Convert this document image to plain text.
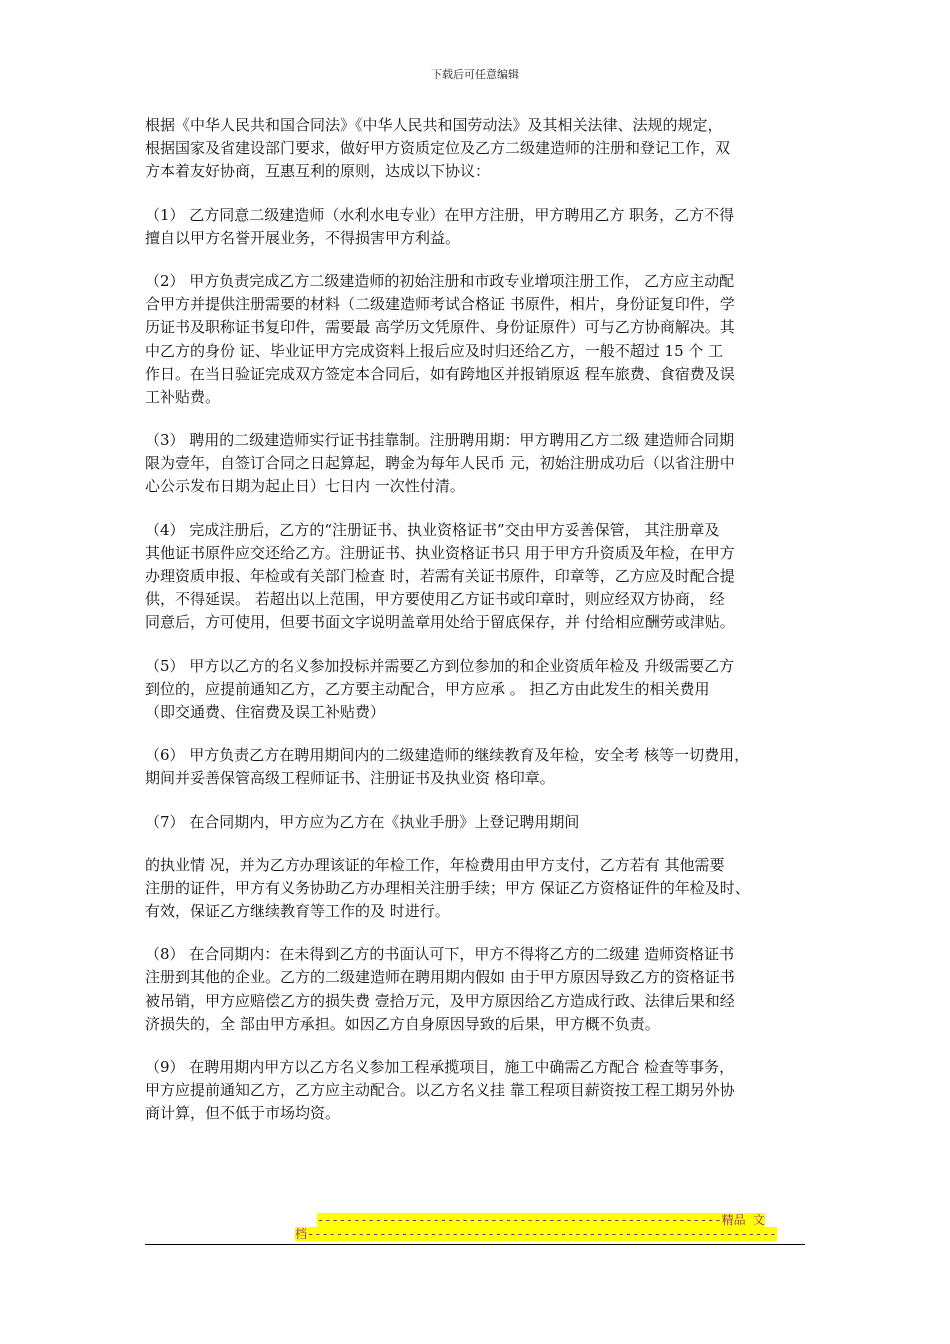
下载后可任意编辑
根据《中华人民共和国合同法》《中华人民共和国劳动法》及其相关法律、法规的规定，
根据国家及省建设部门要求，做好甲方资质定位及乙方二级建造师的注册和登记工作，双
方本着友好协商，互惠互利的原则，达成以下协议：
（1） 乙方同意二级建造师（水利水电专业）在甲方注册，甲方聘用乙方 职务，乙方不得
擅自以甲方名誉开展业务，不得损害甲方利益。
（2） 甲方负责完成乙方二级建造师的初始注册和市政专业增项注册工作， 乙方应主动配
合甲方并提供注册需要的材料（二级建造师考试合格证 书原件，相片，身份证复印件，学
历证书及职称证书复印件，需要最 高学历文凭原件、身份证原件）可与乙方协商解决。其
中乙方的身份 证、毕业证甲方完成资料上报后应及时归还给乙方，一般不超过 15 个 工
作日。在当日验证完成双方签定本合同后，如有跨地区并报销原返 程车旅费、食宿费及误
工补贴费。
（3） 聘用的二级建造师实行证书挂靠制。注册聘用期：甲方聘用乙方二级 建造师合同期
限为壹年，自签订合同之日起算起，聘金为每年人民币 元，初始注册成功后（以省注册中
心公示发布日期为起止日）七日内 一次性付清。
（4） 完成注册后，乙方的“注册证书、执业资格证书”交由甲方妥善保管， 其注册章及
其他证书原件应交还给乙方。注册证书、执业资格证书只 用于甲方升资质及年检，在甲方
办理资质申报、年检或有关部门检查 时，若需有关证书原件，印章等，乙方应及时配合提
供，不得延误。 若超出以上范围，甲方要使用乙方证书或印章时，则应经双方协商， 经
同意后，方可使用，但要书面文字说明盖章用处给于留底保存，并 付给相应酬劳或津贴。
（5） 甲方以乙方的名义参加投标并需要乙方到位参加的和企业资质年检及 升级需要乙方
到位的，应提前通知乙方，乙方要主动配合，甲方应承 。 担乙方由此发生的相关费用
（即交通费、住宿费及误工补贴费）
（6） 甲方负责乙方在聘用期间内的二级建造师的继续教育及年检，安全考 核等一切费用，
期间并妥善保管高级工程师证书、注册证书及执业资 格印章。
（7） 在合同期内，甲方应为乙方在《执业手册》上登记聘用期间
的执业情 况，并为乙方办理该证的年检工作，年检费用由甲方支付，乙方若有 其他需要
注册的证件，甲方有义务协助乙方办理相关注册手续；甲方 保证乙方资格证件的年检及时、
有效，保证乙方继续教育等工作的及 时进行。
（8） 在合同期内：在未得到乙方的书面认可下，甲方不得将乙方的二级建 造师资格证书
注册到其他的企业。乙方的二级建造师在聘用期内假如 由于甲方原因导致乙方的资格证书
被吊销，甲方应赔偿乙方的损失费 壹拾万元，及甲方原因给乙方造成行政、法律后果和经
济损失的，全 部由甲方承担。如因乙方自身原因导致的后果，甲方概不负责。
（9） 在聘用期内甲方以乙方名义参加工程承揽项目，施工中确需乙方配合 检查等事务，
甲方应提前通知乙方，乙方应主动配合。以乙方名义挂 靠工程项目薪资按工程工期另外协
商计算，但不低于市场均资。
--------------------------------------------------------精品 文
档-----------------------------------------------------------------
